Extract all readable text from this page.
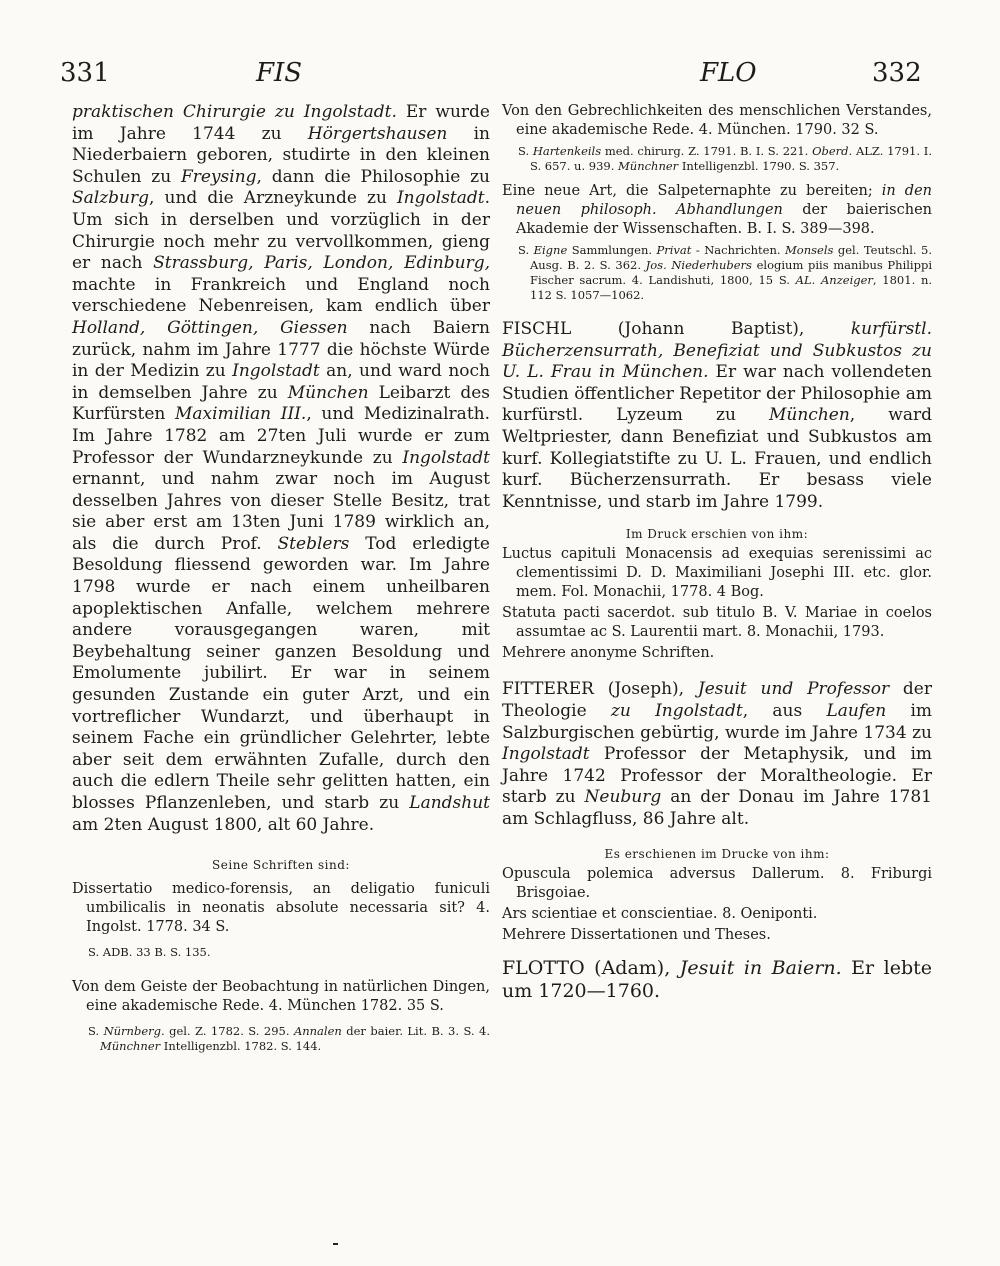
331	FIS	FLO	332

praktischen Chirurgie zu Ingolstadt. Er wurde im Jahre 1744 zu Hörgertshausen in Niederbaiern geboren, studirte in den kleinen Schulen zu Freysing, dann die Philosophie zu Salzburg, und die Arzneykunde zu Ingolstadt. Um sich in derselben und vorzüglich in der Chirurgie noch mehr zu vervollkommen, gieng er nach Strassburg, Paris, London, Edinburg, machte in Frankreich und England noch verschiedene Nebenreisen, kam endlich über Holland, Göttingen, Giessen nach Baiern zurück, nahm im Jahre 1777 die höchste Würde in der Medizin zu Ingolstadt an, und ward noch in demselben Jahre zu München Leibarzt des Kurfürsten Maximilian III., und Medizinalrath. Im Jahre 1782 am 27ten Juli wurde er zum Professor der Wundarzneykunde zu Ingolstadt ernannt, und nahm zwar noch im August desselben Jahres von dieser Stelle Besitz, trat sie aber erst am 13ten Juni 1789 wirklich an, als die durch Prof. Steblers Tod erledigte Besoldung fliessend geworden war. Im Jahre 1798 wurde er nach einem unheilbaren apoplektischen Anfalle, welchem mehrere andere vorausgegangen waren, mit Beybehaltung seiner ganzen Besoldung und Emolumente jubilirt. Er war in seinem gesunden Zustande ein guter Arzt, und ein vortreflicher Wundarzt, und überhaupt in seinem Fache ein gründlicher Gelehrter, lebte aber seit dem erwähnten Zufalle, durch den auch die edlern Theile sehr gelitten hatten, ein blosses Pflanzenleben, und starb zu Landshut am 2ten August 1800, alt 60 Jahre.

Seine Schriften sind:

Dissertatio medico-forensis, an deligatio funiculi umbilicalis in neonatis absolute necessaria sit? 4. Ingolst. 1778. 34 S.

S. ADB. 33 B. S. 135.

Von dem Geiste der Beobachtung in natürlichen Dingen, eine akademische Rede. 4. München 1782. 35 S.

S. Nürnberg. gel. Z. 1782. S. 295. Annalen der baier. Lit. B. 3. S. 4. Münchner Intelligenzbl. 1782. S. 144.

Von den Gebrechlichkeiten des menschlichen Verstandes, eine akademische Rede. 4. München. 1790. 32 S.

S. Hartenkeils med. chirurg. Z. 1791. B. I. S. 221. Oberd. ALZ. 1791. I. S. 657. u. 939. Münchner Intelligenzbl. 1790. S. 357.

Eine neue Art, die Salpeternaphte zu bereiten; in den neuen philosoph. Abhandlungen der baierischen Akademie der Wissenschaften. B. I. S. 389—398.

S. Eigne Sammlungen. Privat - Nachrichten. Monsels gel. Teutschl. 5. Ausg. B. 2. S. 362. Jos. Niederhubers elogium piis manibus Philippi Fischer sacrum. 4. Landishuti, 1800, 15 S. AL. Anzeiger, 1801. n. 112 S. 1057—1062.

FISCHL (Johann Baptist), kurfürstl. Bücherzensurrath, Benefiziat und Subkustos zu U. L. Frau in München. Er war nach vollendeten Studien öffentlicher Repetitor der Philosophie am kurfürstl. Lyzeum zu München, ward Weltpriester, dann Benefiziat und Subkustos am kurf. Kollegiatstifte zu U. L. Frauen, und endlich kurf. Bücherzensurrath. Er besass viele Kenntnisse, und starb im Jahre 1799.

Im Druck erschien von ihm:

Luctus capituli Monacensis ad exequias serenissimi ac clementissimi D. D. Maximiliani Josephi III. etc. glor. mem. Fol. Monachii, 1778. 4 Bog.

Statuta pacti sacerdot. sub titulo B. V. Mariae in coelos assumtae ac S. Laurentii mart. 8. Monachii, 1793.

Mehrere anonyme Schriften.

FITTERER (Joseph), Jesuit und Professor der Theologie zu Ingolstadt, aus Laufen im Salzburgischen gebürtig, wurde im Jahre 1734 zu Ingolstadt Professor der Metaphysik, und im Jahre 1742 Professor der Moraltheologie. Er starb zu Neuburg an der Donau im Jahre 1781 am Schlagfluss, 86 Jahre alt.

Es erschienen im Drucke von ihm:

Opuscula polemica adversus Dallerum. 8. Friburgi Brisgoiae.

Ars scientiae et conscientiae. 8. Oeniponti.

Mehrere Dissertationen und Theses.

FLOTTO (Adam), Jesuit in Baiern. Er lebte um 1720—1760.
